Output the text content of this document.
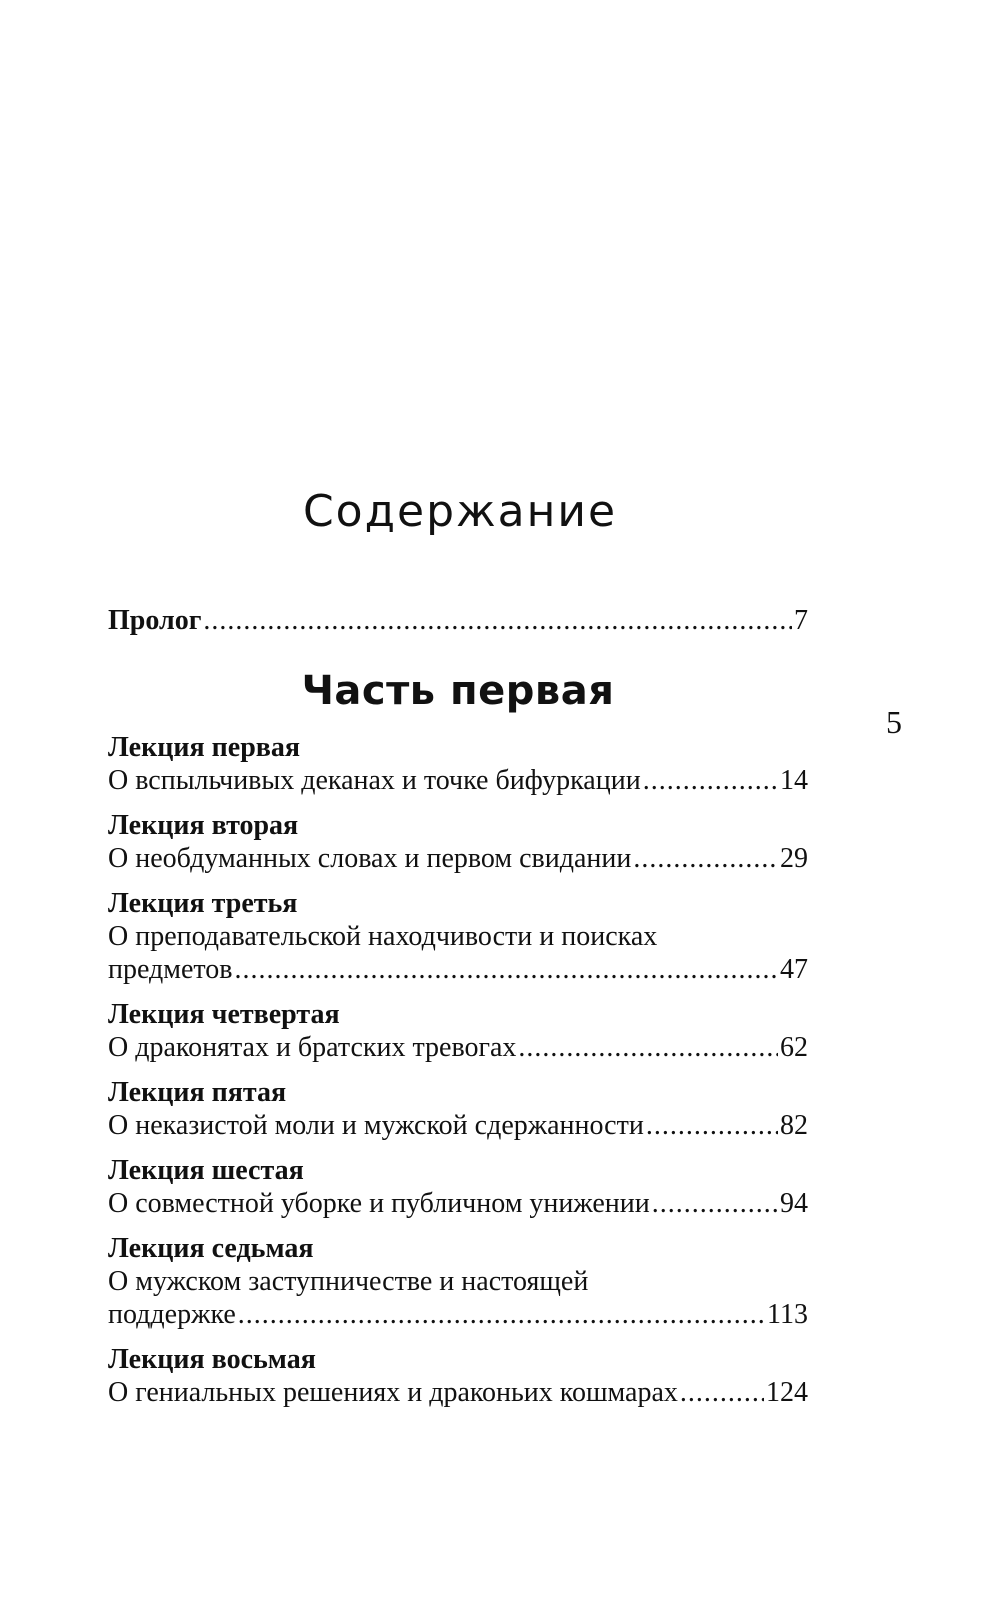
Содержание
5
Пролог .....	7
Часть первая
Лекция первая
О вспыльчивых деканах и точке бифуркации .....	14
Лекция вторая
О необдуманных словах и первом свидании .....	29
Лекция третья
О преподавательской находчивости и поисках
предметов .....	47
Лекция четвертая
О драконятах и братских тревогах .....	62
Лекция пятая
О неказистой моли и мужской сдержанности .....	82
Лекция шестая
О совместной уборке и публичном унижении .....	94
Лекция седьмая
О мужском заступничестве и настоящей
поддержке .....	113
Лекция восьмая
О гениальных решениях и драконьих кошмарах .....	124
